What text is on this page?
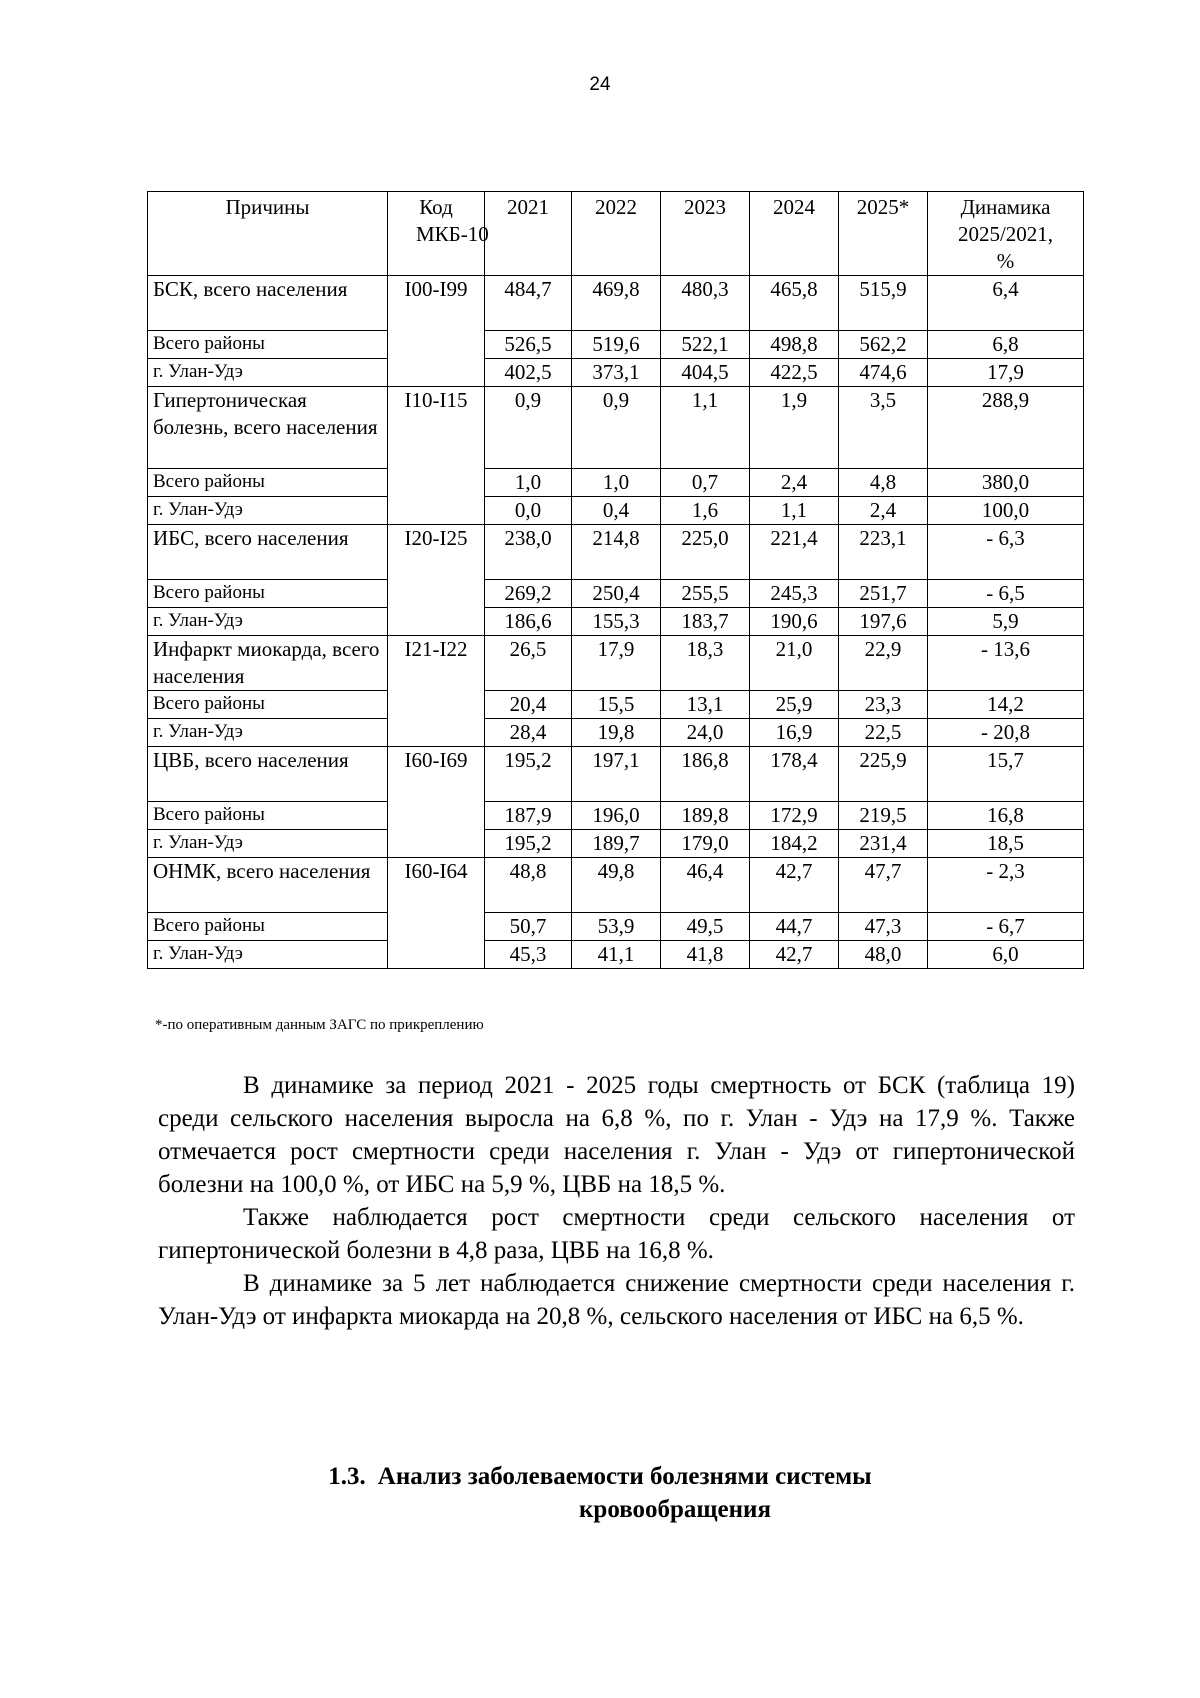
24
Причины	Код МКБ-10	2021	2022	2023	2024	2025*	Динамика 2025/2021, %
БСК, всего населения	I00-I99	484,7	469,8	480,3	465,8	515,9	6,4
Всего районы		526,5	519,6	522,1	498,8	562,2	6,8
г. Улан-Удэ		402,5	373,1	404,5	422,5	474,6	17,9
Гипертоническая болезнь, всего населения	I10-I15	0,9	0,9	1,1	1,9	3,5	288,9
Всего районы		1,0	1,0	0,7	2,4	4,8	380,0
г. Улан-Удэ		0,0	0,4	1,6	1,1	2,4	100,0
ИБС, всего населения	I20-I25	238,0	214,8	225,0	221,4	223,1	- 6,3
Всего районы		269,2	250,4	255,5	245,3	251,7	- 6,5
г. Улан-Удэ		186,6	155,3	183,7	190,6	197,6	5,9
Инфаркт миокарда, всего населения	I21-I22	26,5	17,9	18,3	21,0	22,9	- 13,6
Всего районы		20,4	15,5	13,1	25,9	23,3	14,2
г. Улан-Удэ		28,4	19,8	24,0	16,9	22,5	- 20,8
ЦВБ, всего населения	I60-I69	195,2	197,1	186,8	178,4	225,9	15,7
Всего районы		187,9	196,0	189,8	172,9	219,5	16,8
г. Улан-Удэ		195,2	189,7	179,0	184,2	231,4	18,5
ОНМК, всего населения	I60-I64	48,8	49,8	46,4	42,7	47,7	- 2,3
Всего районы		50,7	53,9	49,5	44,7	47,3	- 6,7
г. Улан-Удэ		45,3	41,1	41,8	42,7	48,0	6,0
*-по оперативным данным ЗАГС по прикреплению

В динамике за период 2021 - 2025 годы смертность от БСК (таблица 19) среди сельского населения выросла на 6,8 %, по г. Улан - Удэ на 17,9 %. Также отмечается рост смертности среди населения г. Улан - Удэ от гипертонической болезни на 100,0 %, от ИБС на 5,9 %, ЦВБ на 18,5 %.

Также наблюдается рост смертности среди сельского населения от гипертонической болезни в 4,8 раза, ЦВБ на 16,8 %.

В динамике за 5 лет наблюдается снижение смертности среди населения г. Улан-Удэ от инфаркта миокарда на 20,8 %, сельского населения от ИБС на 6,5 %.

1.3. Анализ заболеваемости болезнями системы
кровообращения
